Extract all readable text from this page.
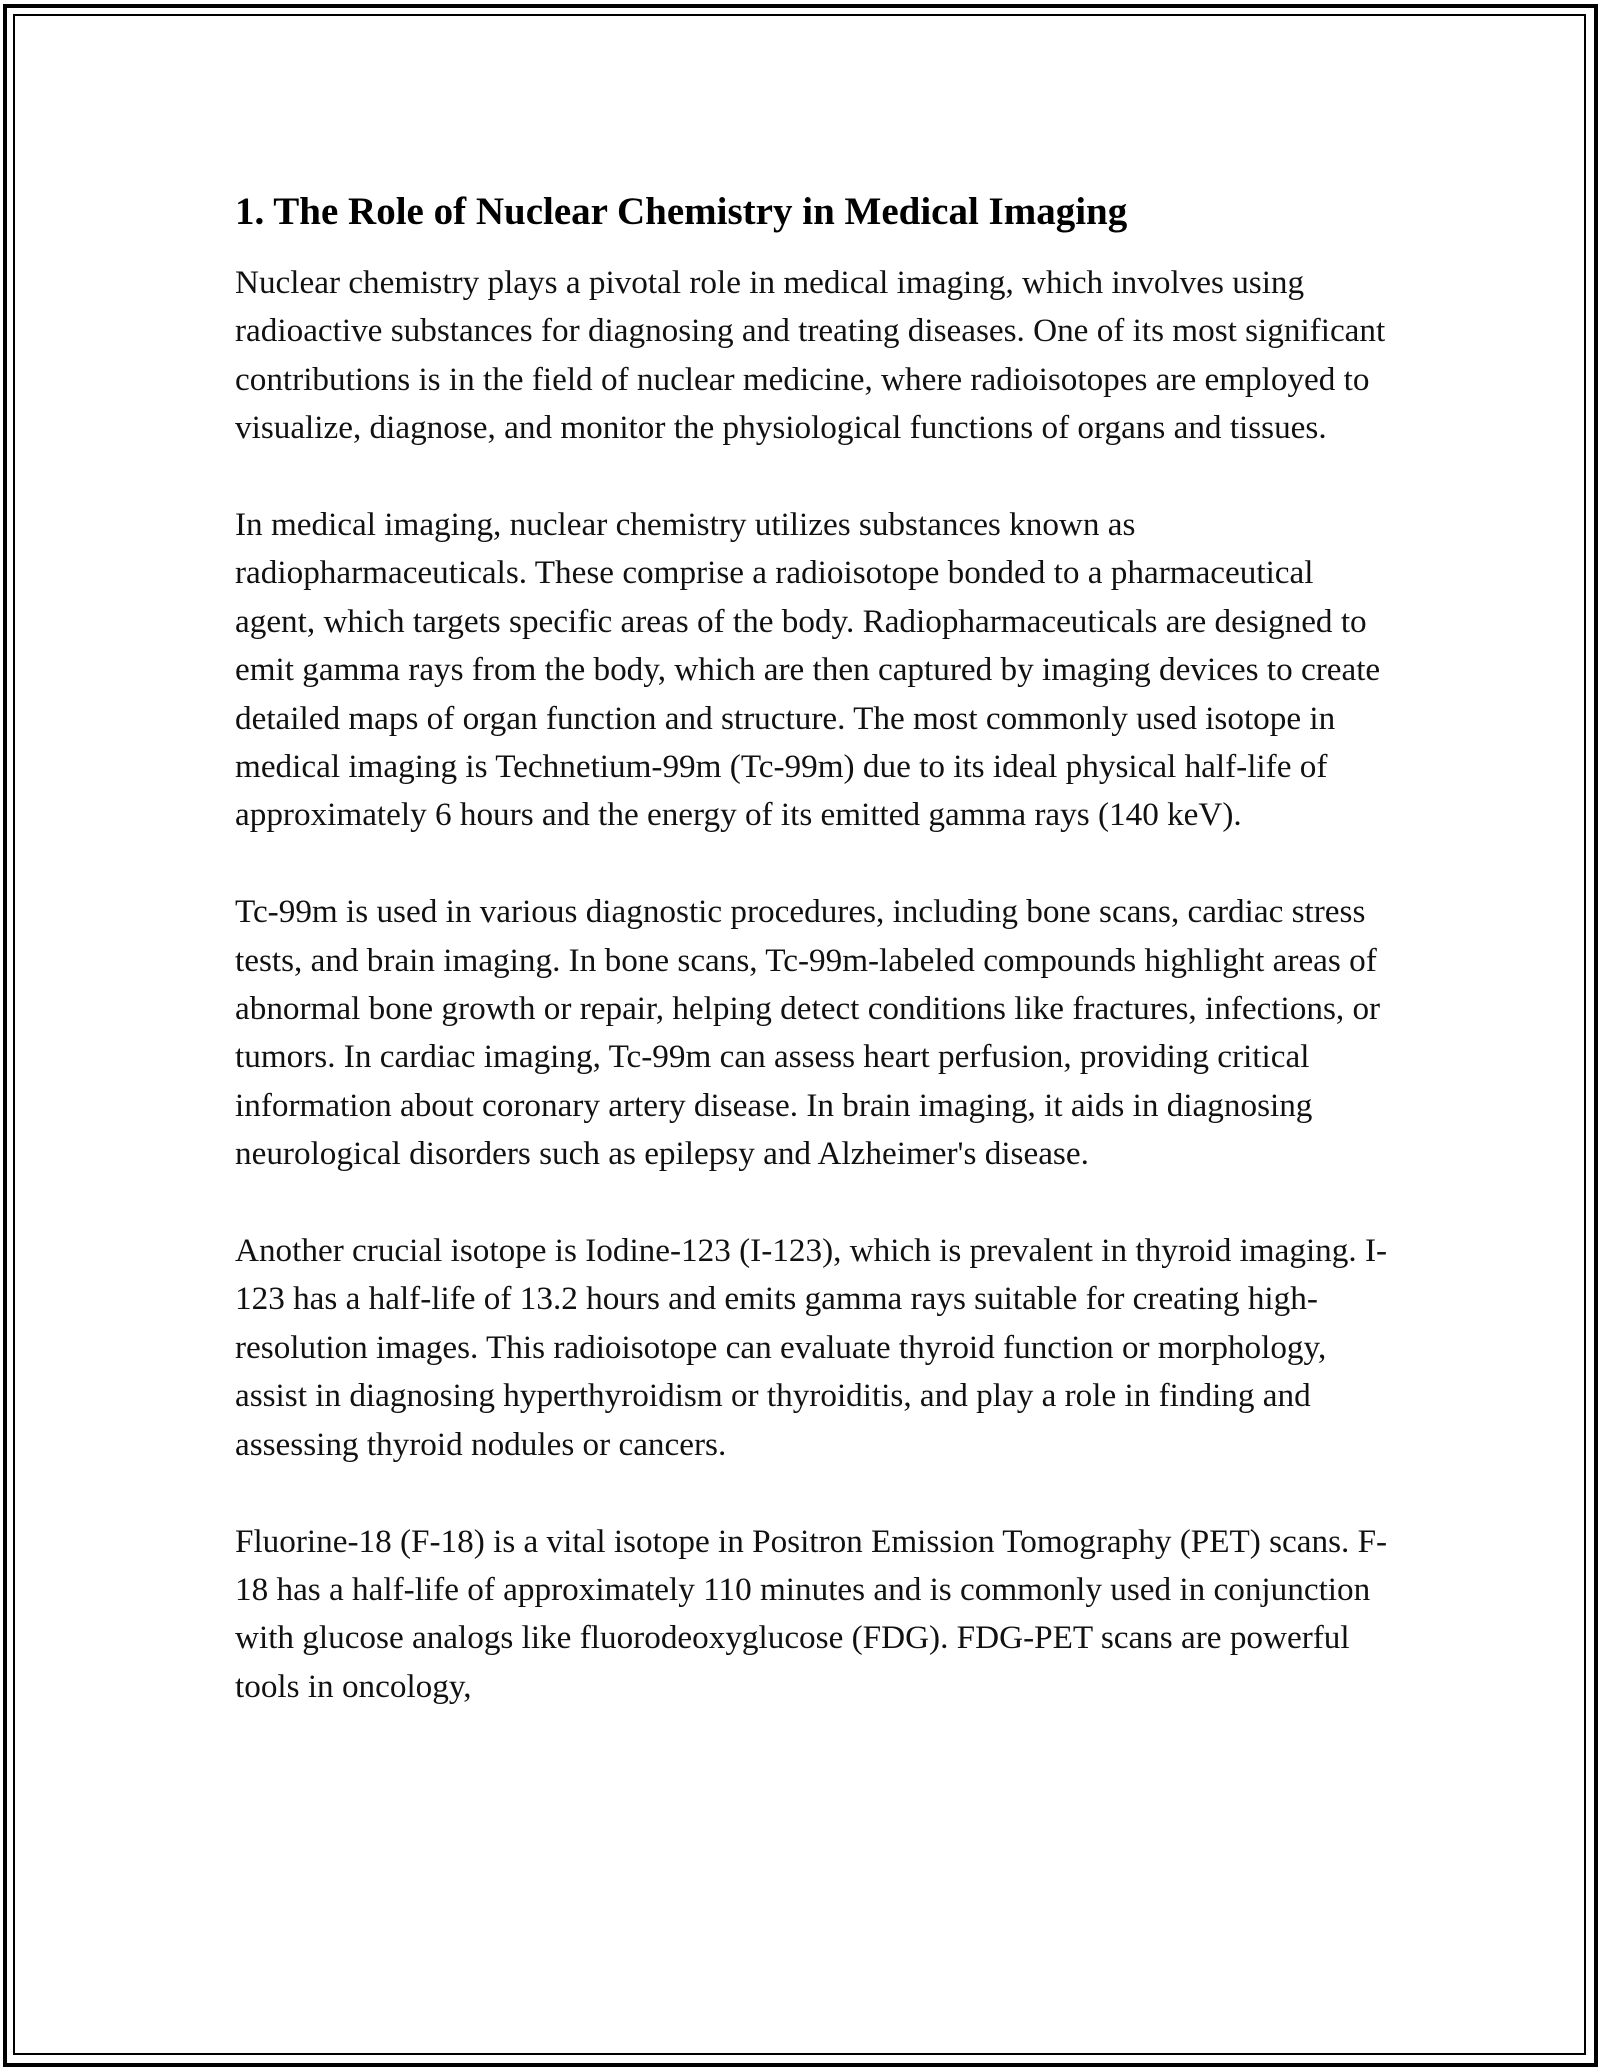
1. The Role of Nuclear Chemistry in Medical Imaging

Nuclear chemistry plays a pivotal role in medical imaging, which involves using radioactive substances for diagnosing and treating diseases. One of its most significant contributions is in the field of nuclear medicine, where radioisotopes are employed to visualize, diagnose, and monitor the physiological functions of organs and tissues.

In medical imaging, nuclear chemistry utilizes substances known as radiopharmaceuticals. These comprise a radioisotope bonded to a pharmaceutical agent, which targets specific areas of the body. Radiopharmaceuticals are designed to emit gamma rays from the body, which are then captured by imaging devices to create detailed maps of organ function and structure. The most commonly used isotope in medical imaging is Technetium-99m (Tc-99m) due to its ideal physical half-life of approximately 6 hours and the energy of its emitted gamma rays (140 keV).

Tc-99m is used in various diagnostic procedures, including bone scans, cardiac stress tests, and brain imaging. In bone scans, Tc-99m-labeled compounds highlight areas of abnormal bone growth or repair, helping detect conditions like fractures, infections, or tumors. In cardiac imaging, Tc-99m can assess heart perfusion, providing critical information about coronary artery disease. In brain imaging, it aids in diagnosing neurological disorders such as epilepsy and Alzheimer's disease.

Another crucial isotope is Iodine-123 (I-123), which is prevalent in thyroid imaging. I-123 has a half-life of 13.2 hours and emits gamma rays suitable for creating high-resolution images. This radioisotope can evaluate thyroid function or morphology, assist in diagnosing hyperthyroidism or thyroiditis, and play a role in finding and assessing thyroid nodules or cancers.

Fluorine-18 (F-18) is a vital isotope in Positron Emission Tomography (PET) scans. F-18 has a half-life of approximately 110 minutes and is commonly used in conjunction with glucose analogs like fluorodeoxyglucose (FDG). FDG-PET scans are powerful tools in oncology,
